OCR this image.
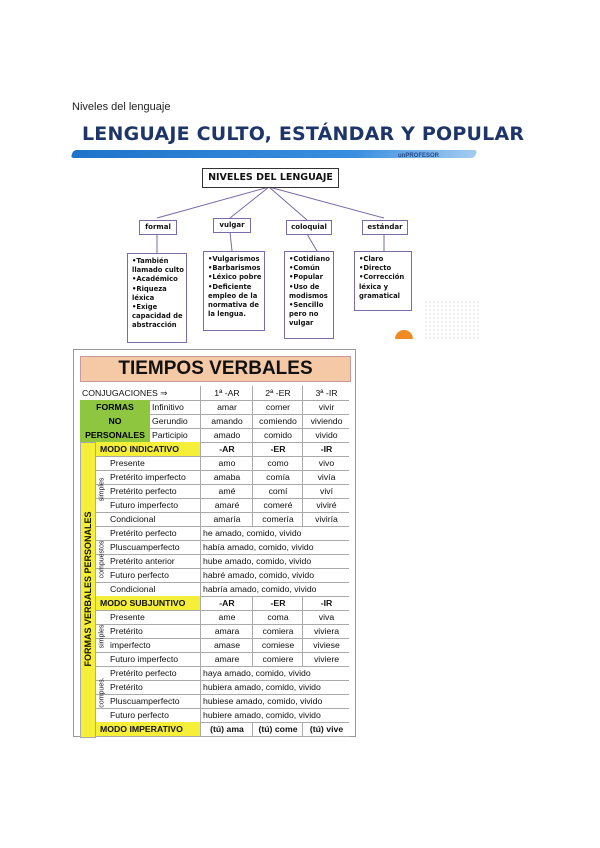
Niveles del lenguaje
LENGUAJE CULTO, ESTÁNDAR Y POPULAR
unPROFESOR
NIVELES DEL LENGUAJE
formal	vulgar	coloquial	estándar
•También
llamado culto
•Académico
•Riqueza
léxica
•Exige
capacidad de
abstracción
•Vulgarismos
•Barbarismos
•Léxico pobre
•Deficiente
empleo de la
normativa de
la lengua.
•Cotidiano
•Común
•Popular
•Uso de
modismos
•Sencillo
pero no
vulgar
•Claro
•Directo
•Corrección
léxica y
gramatical
TIEMPOS VERBALES
CONJUGACIONES ⇒	1ª -AR	2ª -ER	3ª -IR
Infinitivo	amar	comer	vivir
Gerundio	amando	comiendo	viviendo
Participio	amado	comido	vivido
FORMAS
NO
PERSONALES
MODO INDICATIVO	-AR	-ER	-IR
Presente	amo	como	vivo
Pretérito imperfecto	amaba	comía	vivía
Pretérito perfecto	amé	comí	viví
Futuro imperfecto	amaré	comeré	viviré
Condicional	amaría	comería	viviría
simples
Pretérito perfecto	he amado, comido, vivido
Pluscuamperfecto	había amado, comido, vivido
Pretérito anterior	hube amado, comido, vivido
Futuro perfecto	habré amado, comido, vivido
Condicional	habría amado, comido, vivido
compuestos
MODO SUBJUNTIVO	-AR	-ER	-IR
Presente	ame	coma	viva
Pretérito	amara	comiera	viviera
imperfecto	amase	comiese	viviese
Futuro imperfecto	amare	comiere	viviere
simples
Pretérito perfecto	haya amado, comido, vivido
Pretérito	hubiera amado, comido, vivido
Pluscuamperfecto	hubiese amado, comido, vivido
Futuro perfecto	hubiere amado, comido, vivido
compues.
MODO IMPERATIVO	(tú) ama	(tú) come	(tú) vive
FORMAS VERBALES PERSONALES
